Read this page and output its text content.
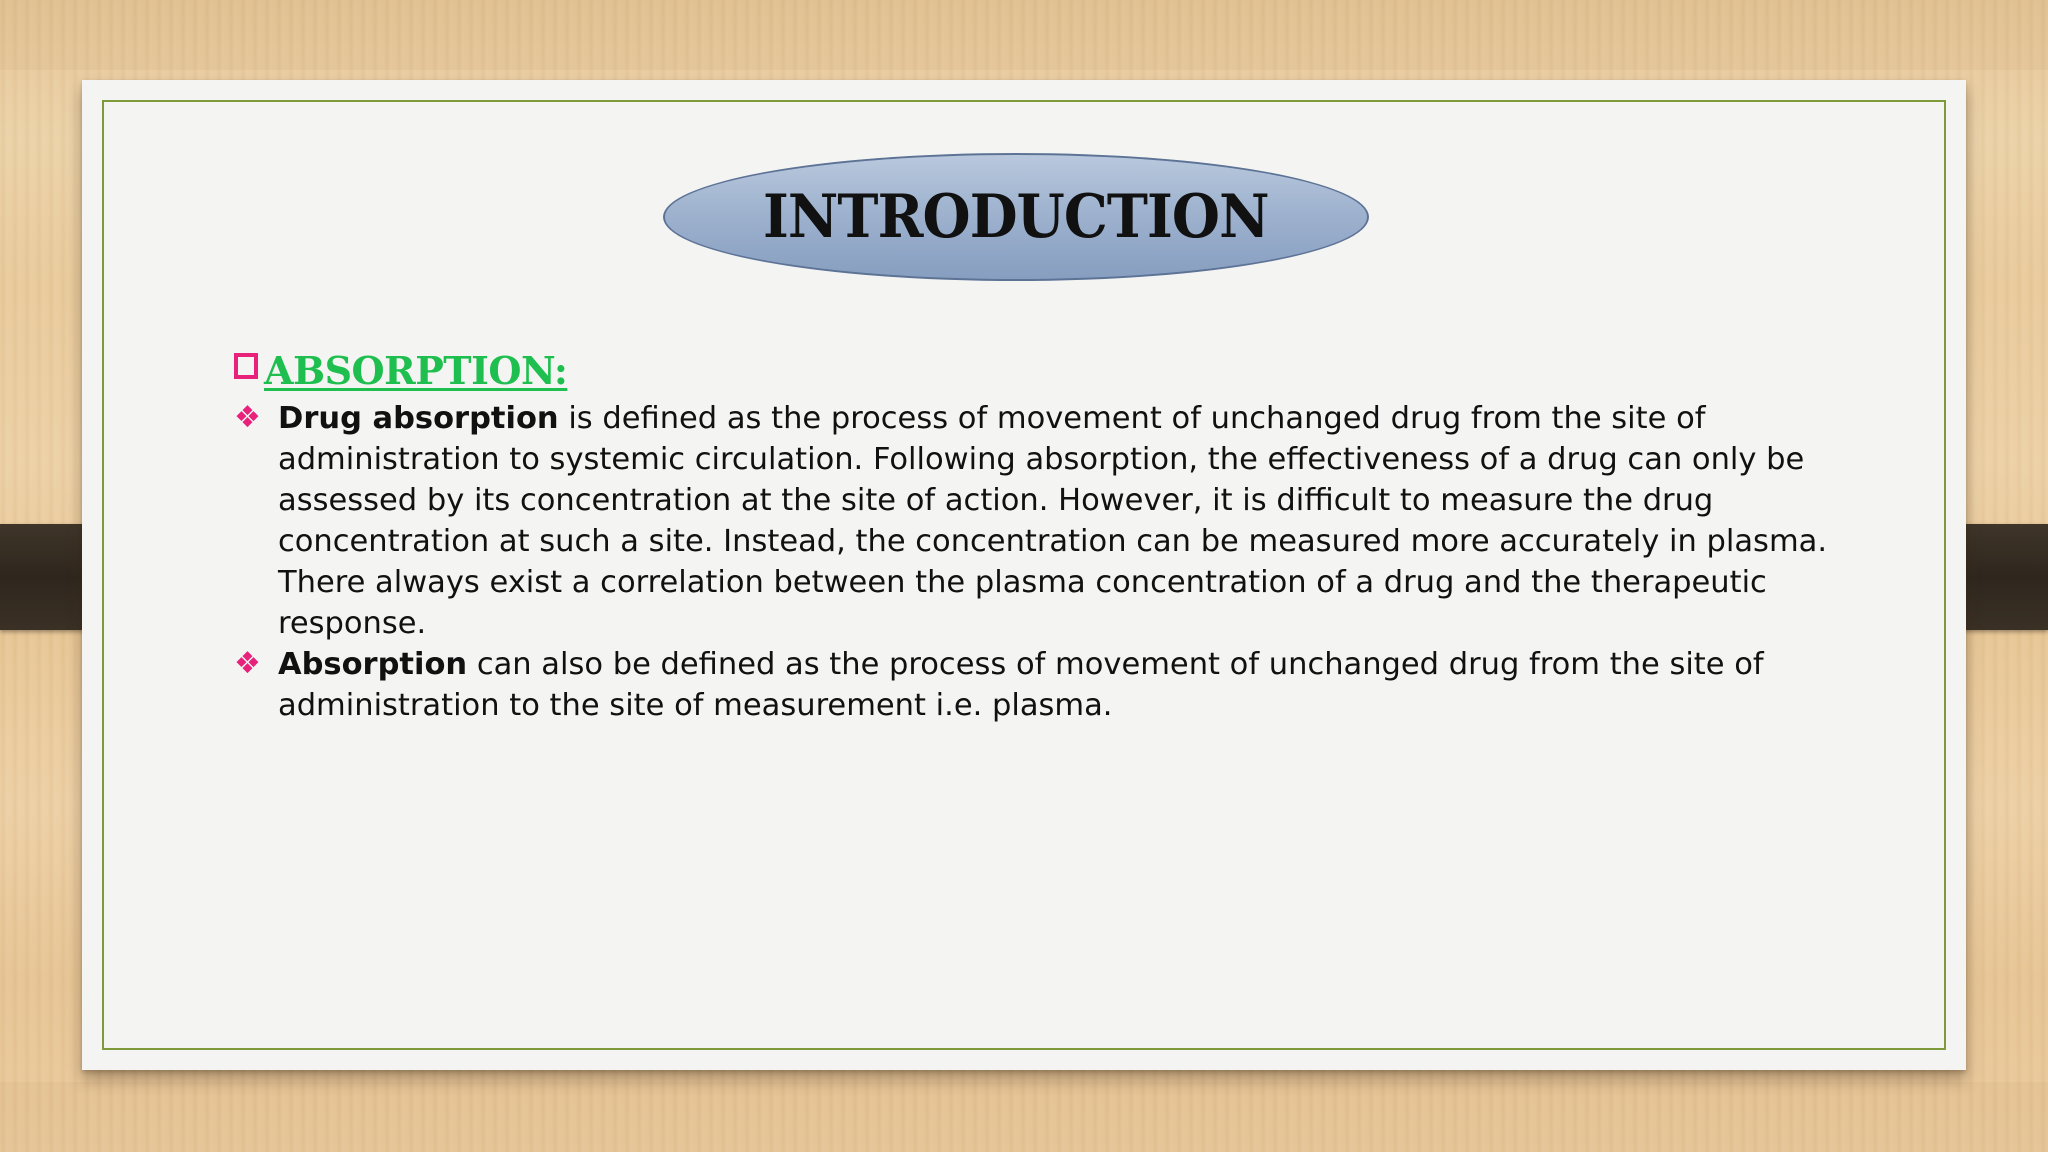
INTRODUCTION
ABSORPTION:
❖ Drug absorption is defined as the process of movement of unchanged drug from the site of administration to systemic circulation. Following absorption, the effectiveness of a drug can only be assessed by its concentration at the site of action. However, it is difficult to measure the drug concentration at such a site. Instead, the concentration can be measured more accurately in plasma. There always exist a correlation between the plasma concentration of a drug and the therapeutic response.
❖ Absorption can also be defined as the process of movement of unchanged drug from the site of administration to the site of measurement i.e. plasma.
